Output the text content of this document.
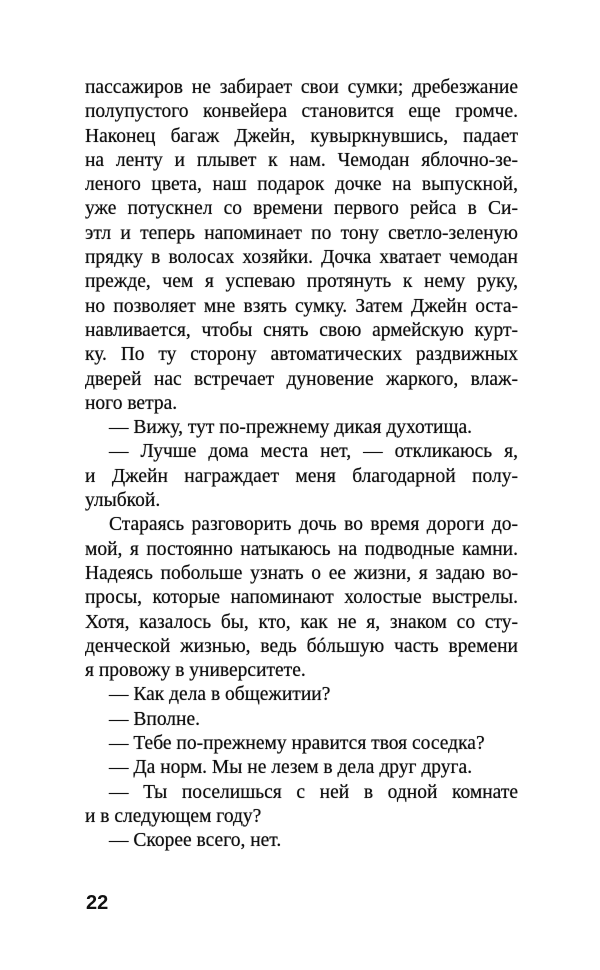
пассажиров не забирает свои сумки; дребезжание
полупустого конвейера становится еще громче.
Наконец багаж Джейн, кувыркнувшись, падает
на ленту и плывет к нам. Чемодан яблочно-зе-
леного цвета, наш подарок дочке на выпускной,
уже потускнел со времени первого рейса в Си-
этл и теперь напоминает по тону светло-зеленую
прядку в волосах хозяйки. Дочка хватает чемодан
прежде, чем я успеваю протянуть к нему руку,
но позволяет мне взять сумку. Затем Джейн оста-
навливается, чтобы снять свою армейскую курт-
ку. По ту сторону автоматических раздвижных
дверей нас встречает дуновение жаркого, влаж-
ного ветра.
— Вижу, тут по-прежнему дикая духотища.
— Лучше дома места нет, — откликаюсь я,
и Джейн награждает меня благодарной полу-
улыбкой.
Стараясь разговорить дочь во время дороги до-
мой, я постоянно натыкаюсь на подводные камни.
Надеясь побольше узнать о ее жизни, я задаю во-
просы, которые напоминают холостые выстрелы.
Хотя, казалось бы, кто, как не я, знаком со сту-
денческой жизнью, ведь бóльшую часть времени
я провожу в университете.
— Как дела в общежитии?
— Вполне.
— Тебе по-прежнему нравится твоя соседка?
— Да норм. Мы не лезем в дела друг друга.
— Ты поселишься с ней в одной комнате
и в следующем году?
— Скорее всего, нет.
22
